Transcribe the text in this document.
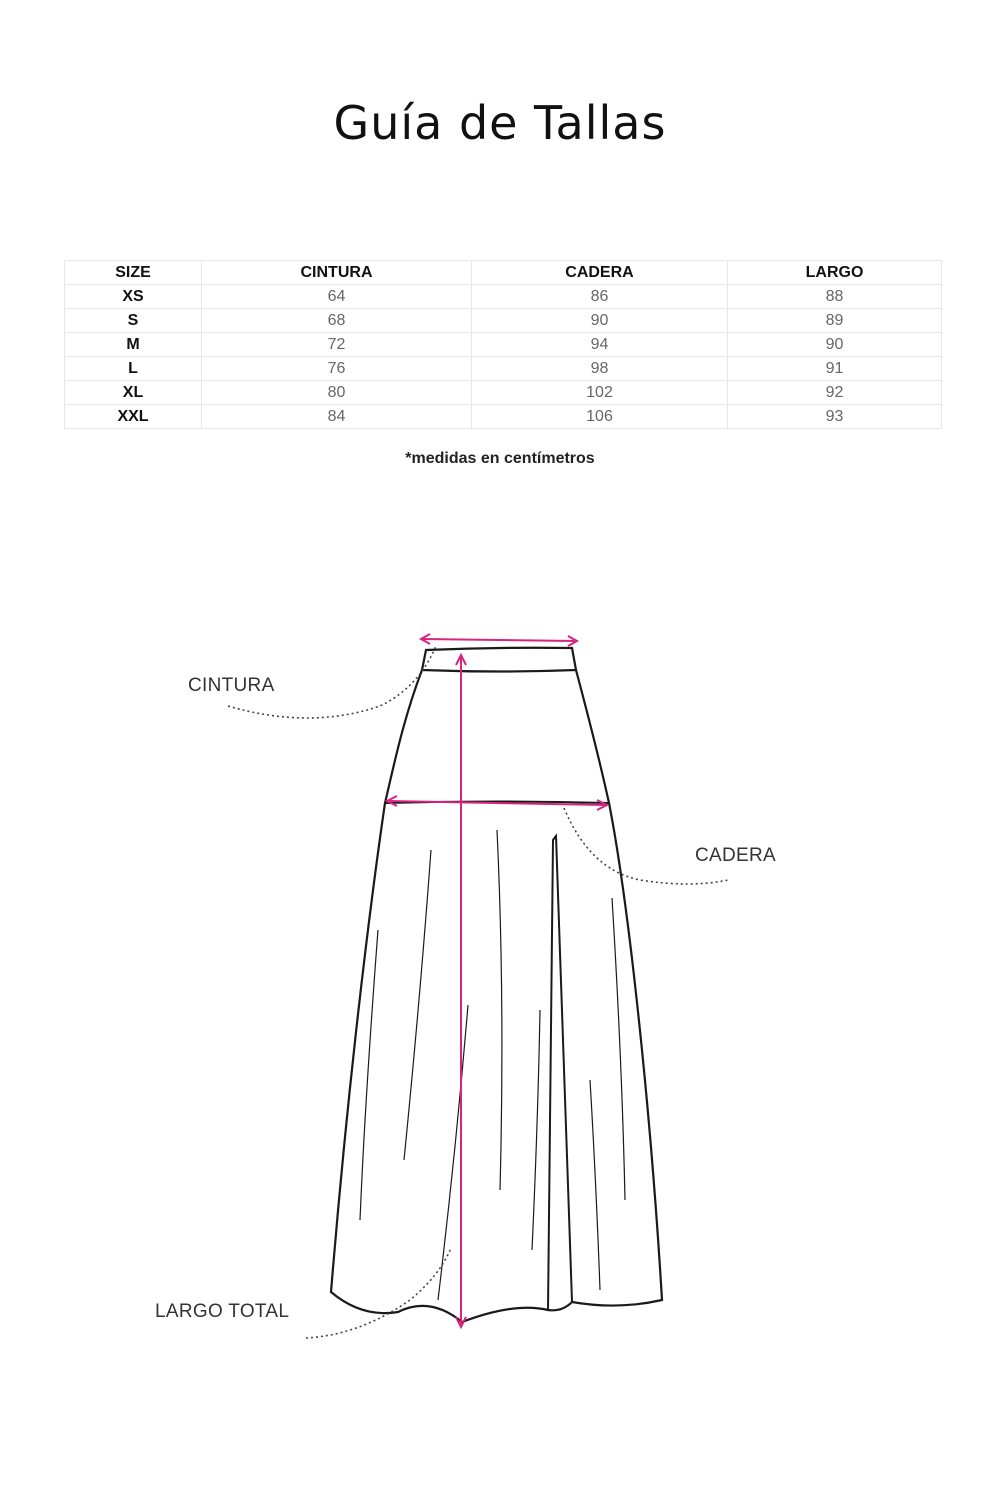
Guía de Tallas
SIZE	CINTURA	CADERA	LARGO
XS	64	86	88
S	68	90	89
M	72	94	90
L	76	98	91
XL	80	102	92
XXL	84	106	93
*medidas en centímetros
CINTURA
CADERA
LARGO TOTAL
